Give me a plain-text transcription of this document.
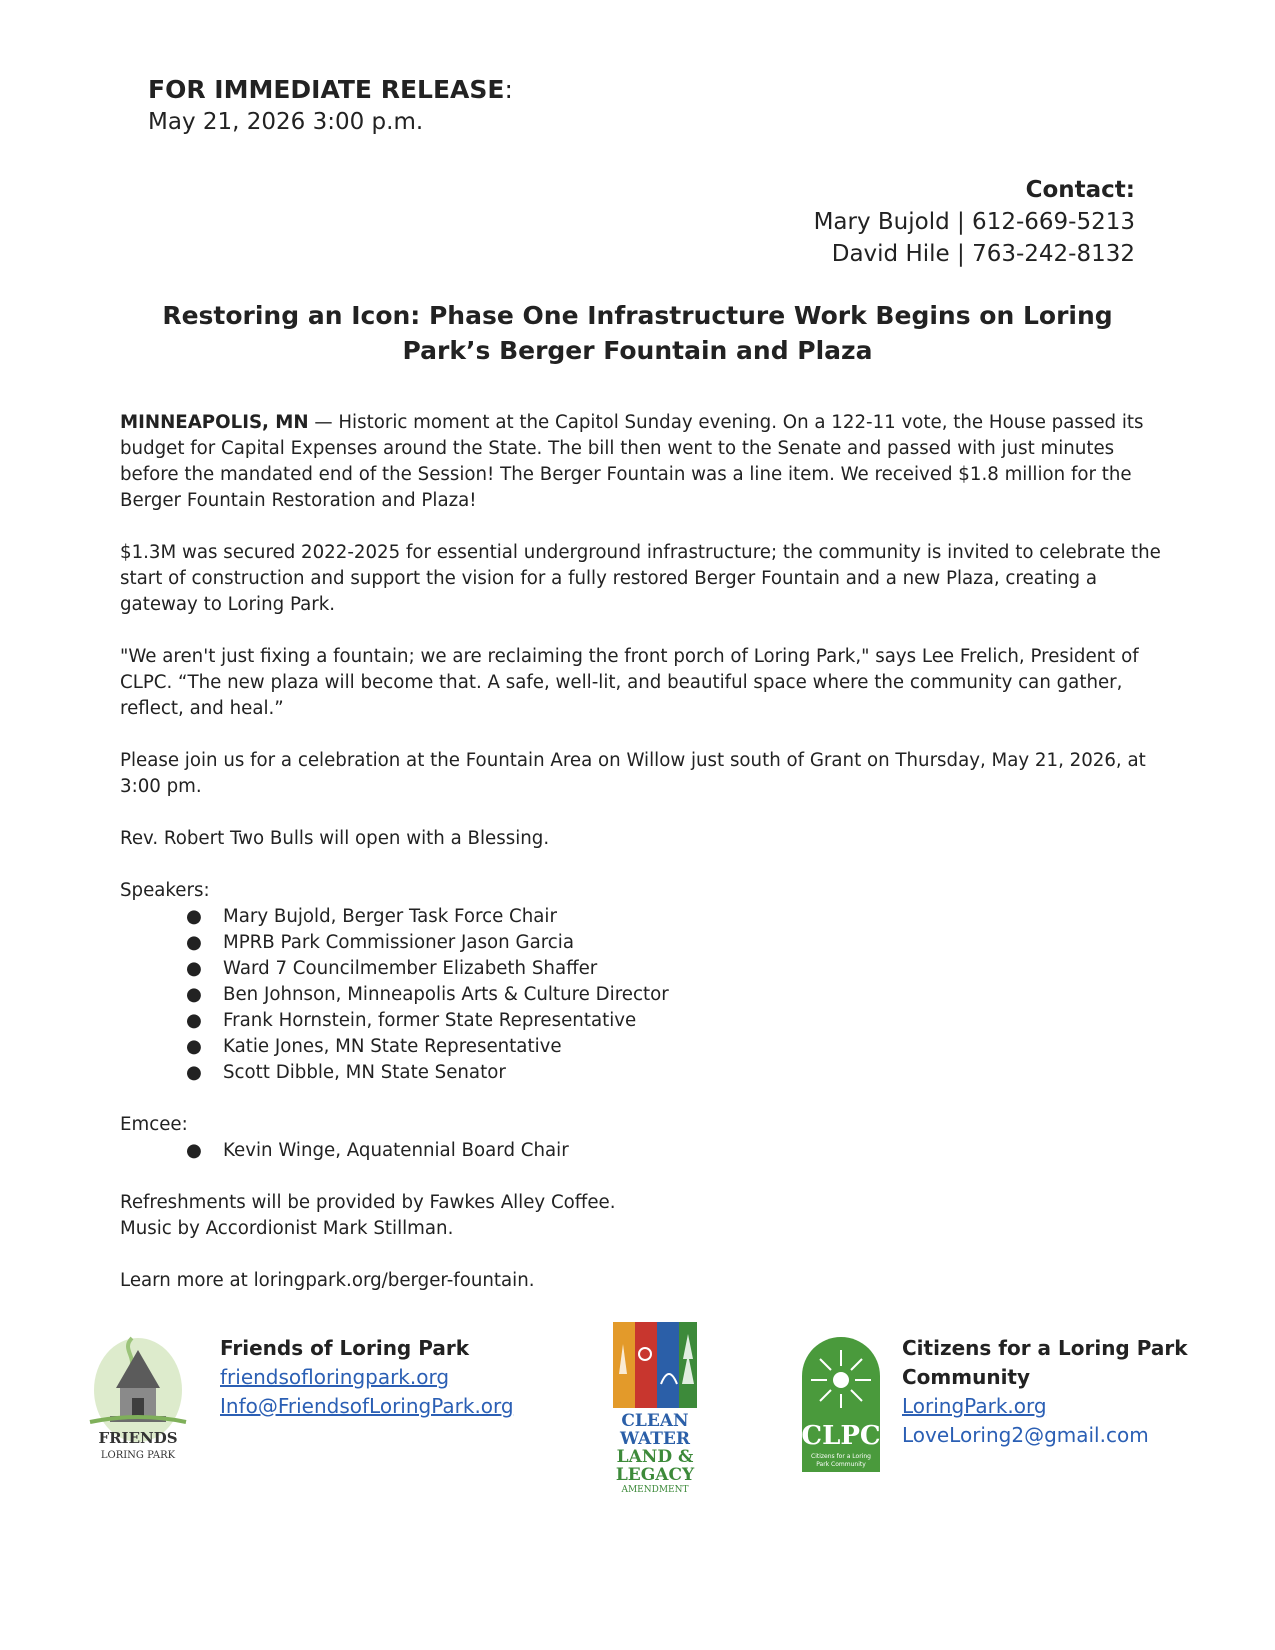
FOR IMMEDIATE RELEASE:
May 21, 2026 3:00 p.m.
Contact:
Mary Bujold | 612-669-5213
David Hile | 763-242-8132
Restoring an Icon: Phase One Infrastructure Work Begins on Loring
Park’s Berger Fountain and Plaza

MINNEAPOLIS, MN — Historic moment at the Capitol Sunday evening. On a 122-11 vote, the House passed its budget for Capital Expenses around the State. The bill then went to the Senate and passed with just minutes before the mandated end of the Session! The Berger Fountain was a line item. We received $1.8 million for the Berger Fountain Restoration and Plaza!

$1.3M was secured 2022-2025 for essential underground infrastructure; the community is invited to celebrate the start of construction and support the vision for a fully restored Berger Fountain and a new Plaza, creating a gateway to Loring Park.

"We aren't just fixing a fountain; we are reclaiming the front porch of Loring Park," says Lee Frelich, President of CLPC. “The new plaza will become that. A safe, well-lit, and beautiful space where the community can gather, reflect, and heal.”

Please join us for a celebration at the Fountain Area on Willow just south of Grant on Thursday, May 21, 2026, at 3:00 pm.

Rev. Robert Two Bulls will open with a Blessing.

Speakers:

● Mary Bujold, Berger Task Force Chair
● MPRB Park Commissioner Jason Garcia
● Ward 7 Councilmember Elizabeth Shaffer
● Ben Johnson, Minneapolis Arts & Culture Director
● Frank Hornstein, former State Representative
● Katie Jones, MN State Representative
● Scott Dibble, MN State Senator

Emcee:

● Kevin Winge, Aquatennial Board Chair

Refreshments will be provided by Fawkes Alley Coffee.

Music by Accordionist Mark Stillman.

Learn more at loringpark.org/berger-fountain.

FRIENDS
LORING PARK
Friends of Loring Park
friendsofloringpark.org
Info@FriendsofLoringPark.org
CLEAN
WATER
LAND &
LEGACY
AMENDMENT
CLPC
Citizens for a Loring
Park Community
Citizens for a Loring Park
Community
LoringPark.org
LoveLoring2@gmail.com
